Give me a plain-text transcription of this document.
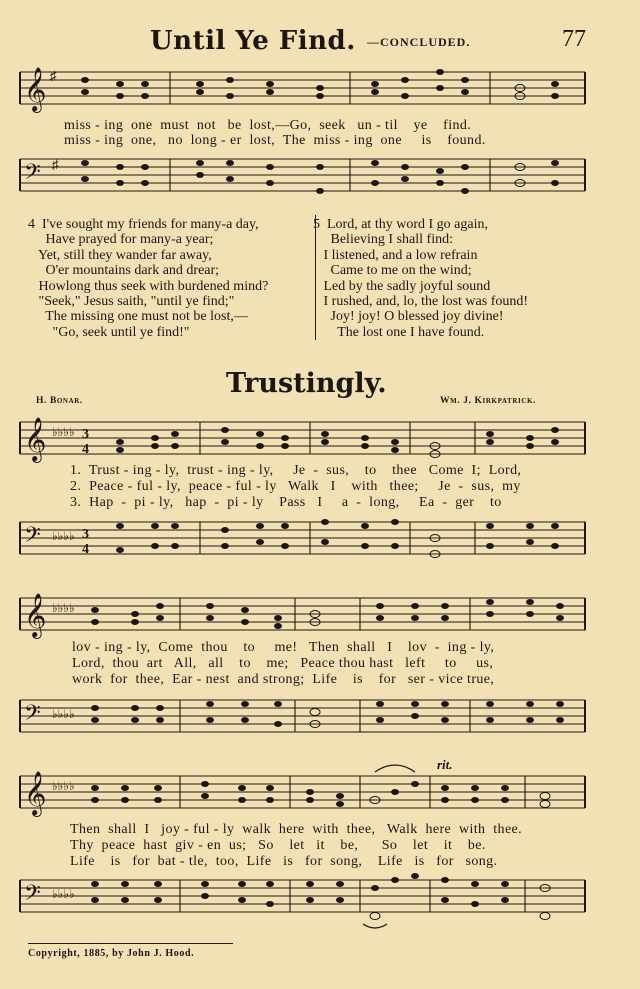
Until Ye Find. —CONCLUDED.	77
𝄞 ♯
miss - ing  one  must  not   be  lost,—Go,  seek   un - til    ye    find.
miss - ing  one,   no  long - er  lost,  The  miss - ing  one     is    found.
𝄢 ♯
4  I've sought my friends for many-a day,
Have prayed for many-a year;
Yet, still they wander far away,
O'er mountains dark and drear;
Howlong thus seek with burdened mind?
"Seek," Jesus saith, "until ye find;"
The missing one must not be lost,—
"Go, seek until ye find!"
5  Lord, at thy word I go again,
Believing I shall find:
I listened, and a low refrain
Came to me on the wind;
Led by the sadly joyful sound
I rushed, and, lo, the lost was found!
Joy! joy! O blessed joy divine!
The lost one I have found.
Trustingly.
H. Bonar.	Wm. J. Kirkpatrick.
𝄞 ♭♭♭♭ 3
4
1.  Trust - ing - ly,  trust - ing - ly,     Je  -  sus,    to    thee   Come  I;  Lord,
2.  Peace - ful - ly,  peace - ful - ly   Walk   I    with   thee;     Je  -  sus,  my
3.  Hap  -  pi - ly,   hap  -  pi - ly    Pass   I     a  -  long,     Ea  -  ger    to
𝄢 ♭♭♭♭ 3
4
𝄞 ♭♭♭♭
lov - ing - ly,  Come  thou    to     me!   Then  shall   I    lov  -  ing - ly,
Lord,  thou  art   All,   all    to    me;   Peace thou hast   left     to     us,
work  for  thee,  Ear - nest  and strong;  Life    is    for   ser - vice true,
𝄢 ♭♭♭♭
rit.
𝄞 ♭♭♭♭
Then  shall  I   joy - ful - ly  walk  here  with  thee,   Walk  here  with  thee.
Thy  peace  hast  giv - en  us;   So    let   it    be,      So    let    it    be.
Life    is   for  bat - tle,  too,  Life   is   for  song,    Life   is   for   song.
𝄢 ♭♭♭♭
Copyright, 1885, by John J. Hood.
